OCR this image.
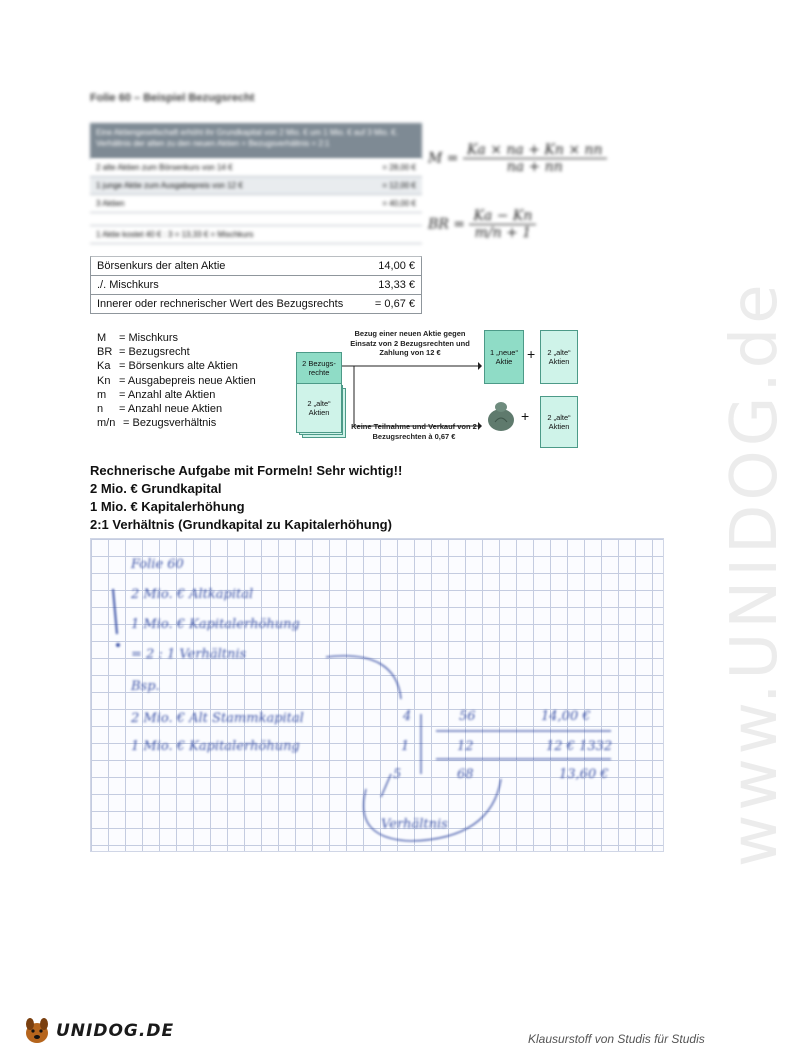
www.UNIDOG.de
Folie 60 – Beispiel Bezugsrecht
Eine Aktiengesellschaft erhöht ihr Grundkapital von 2 Mio. € um 1 Mio. € auf 3 Mio. €. Verhältnis der alten zu den neuen Aktien = Bezugsverhältnis = 2:1
2 alte Aktien zum Börsenkurs von 14 €	= 28,00 €
1 junge Aktie zum Ausgabepreis von 12 €	= 12,00 €
3 Aktien	= 40,00 €
1 Aktie kostet 40 € : 3 = 13,33 € = Mischkurs
Börsenkurs der alten Aktie	14,00 €
./. Mischkurs	13,33 €
Innerer oder rechnerischer Wert des Bezugsrechts	= 0,67 €
$M = \frac{Ka \times na + Kn \times nn}{na + nn}$
BR = $\frac{Ka - Kn}{m/n + 1}$
M	= Mischkurs
BR = Bezugsrecht
Ka = Börsenkurs alte Aktien
Kn = Ausgabepreis neue Aktien
m	= Anzahl alte Aktien
n	= Anzahl neue Aktien
m/n = Bezugsverhältnis
2 Bezugs-rechte
2 „alte“ Aktien
Bezug einer neuen Aktie gegen Einsatz von 2 Bezugsrechten und Zahlung von 12 €
Keine Teilnahme und Verkauf von 2 Bezugsrechten à 0,67 €
1 „neue“ Aktie	+	2 „alte“ Aktien
+	2 „alte“ Aktien
Rechnerische Aufgabe mit Formeln! Sehr wichtig!!
2 Mio. € Grundkapital
1 Mio. € Kapitalerhöhung
2:1 Verhältnis (Grundkapital zu Kapitalerhöhung)
Folie 60
2 Mio. € Altkapital
1 Mio. € Kapitalerhöhung
= 2 : 1 Verhältnis
Bsp.
2 Mio. € Alt Stammkapital
1 Mio. € Kapitalerhöhung
4	56	14,00 €
1	12	12 € 1332
5	68	13,60 €
Verhältnis
UNIDOG.DE	Klausurstoff von Studis für Studis
